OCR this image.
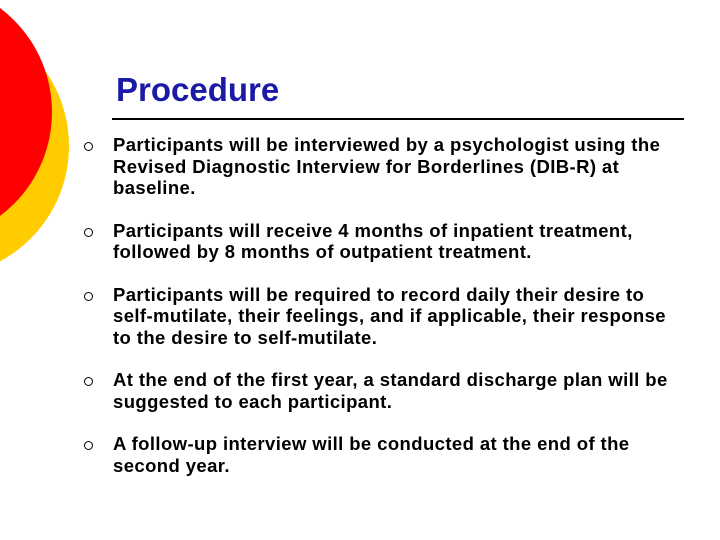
Procedure
Participants will be interviewed by a psychologist using the Revised Diagnostic Interview for Borderlines (DIB-R) at baseline.
Participants will receive 4 months of inpatient treatment, followed by 8 months of outpatient treatment.
Participants will be required to record daily their desire to self-mutilate, their feelings, and if applicable, their response to the desire to self-mutilate.
At the end of the first year, a standard discharge plan will be suggested to each participant.
A follow-up interview will be conducted at the end of the second year.
